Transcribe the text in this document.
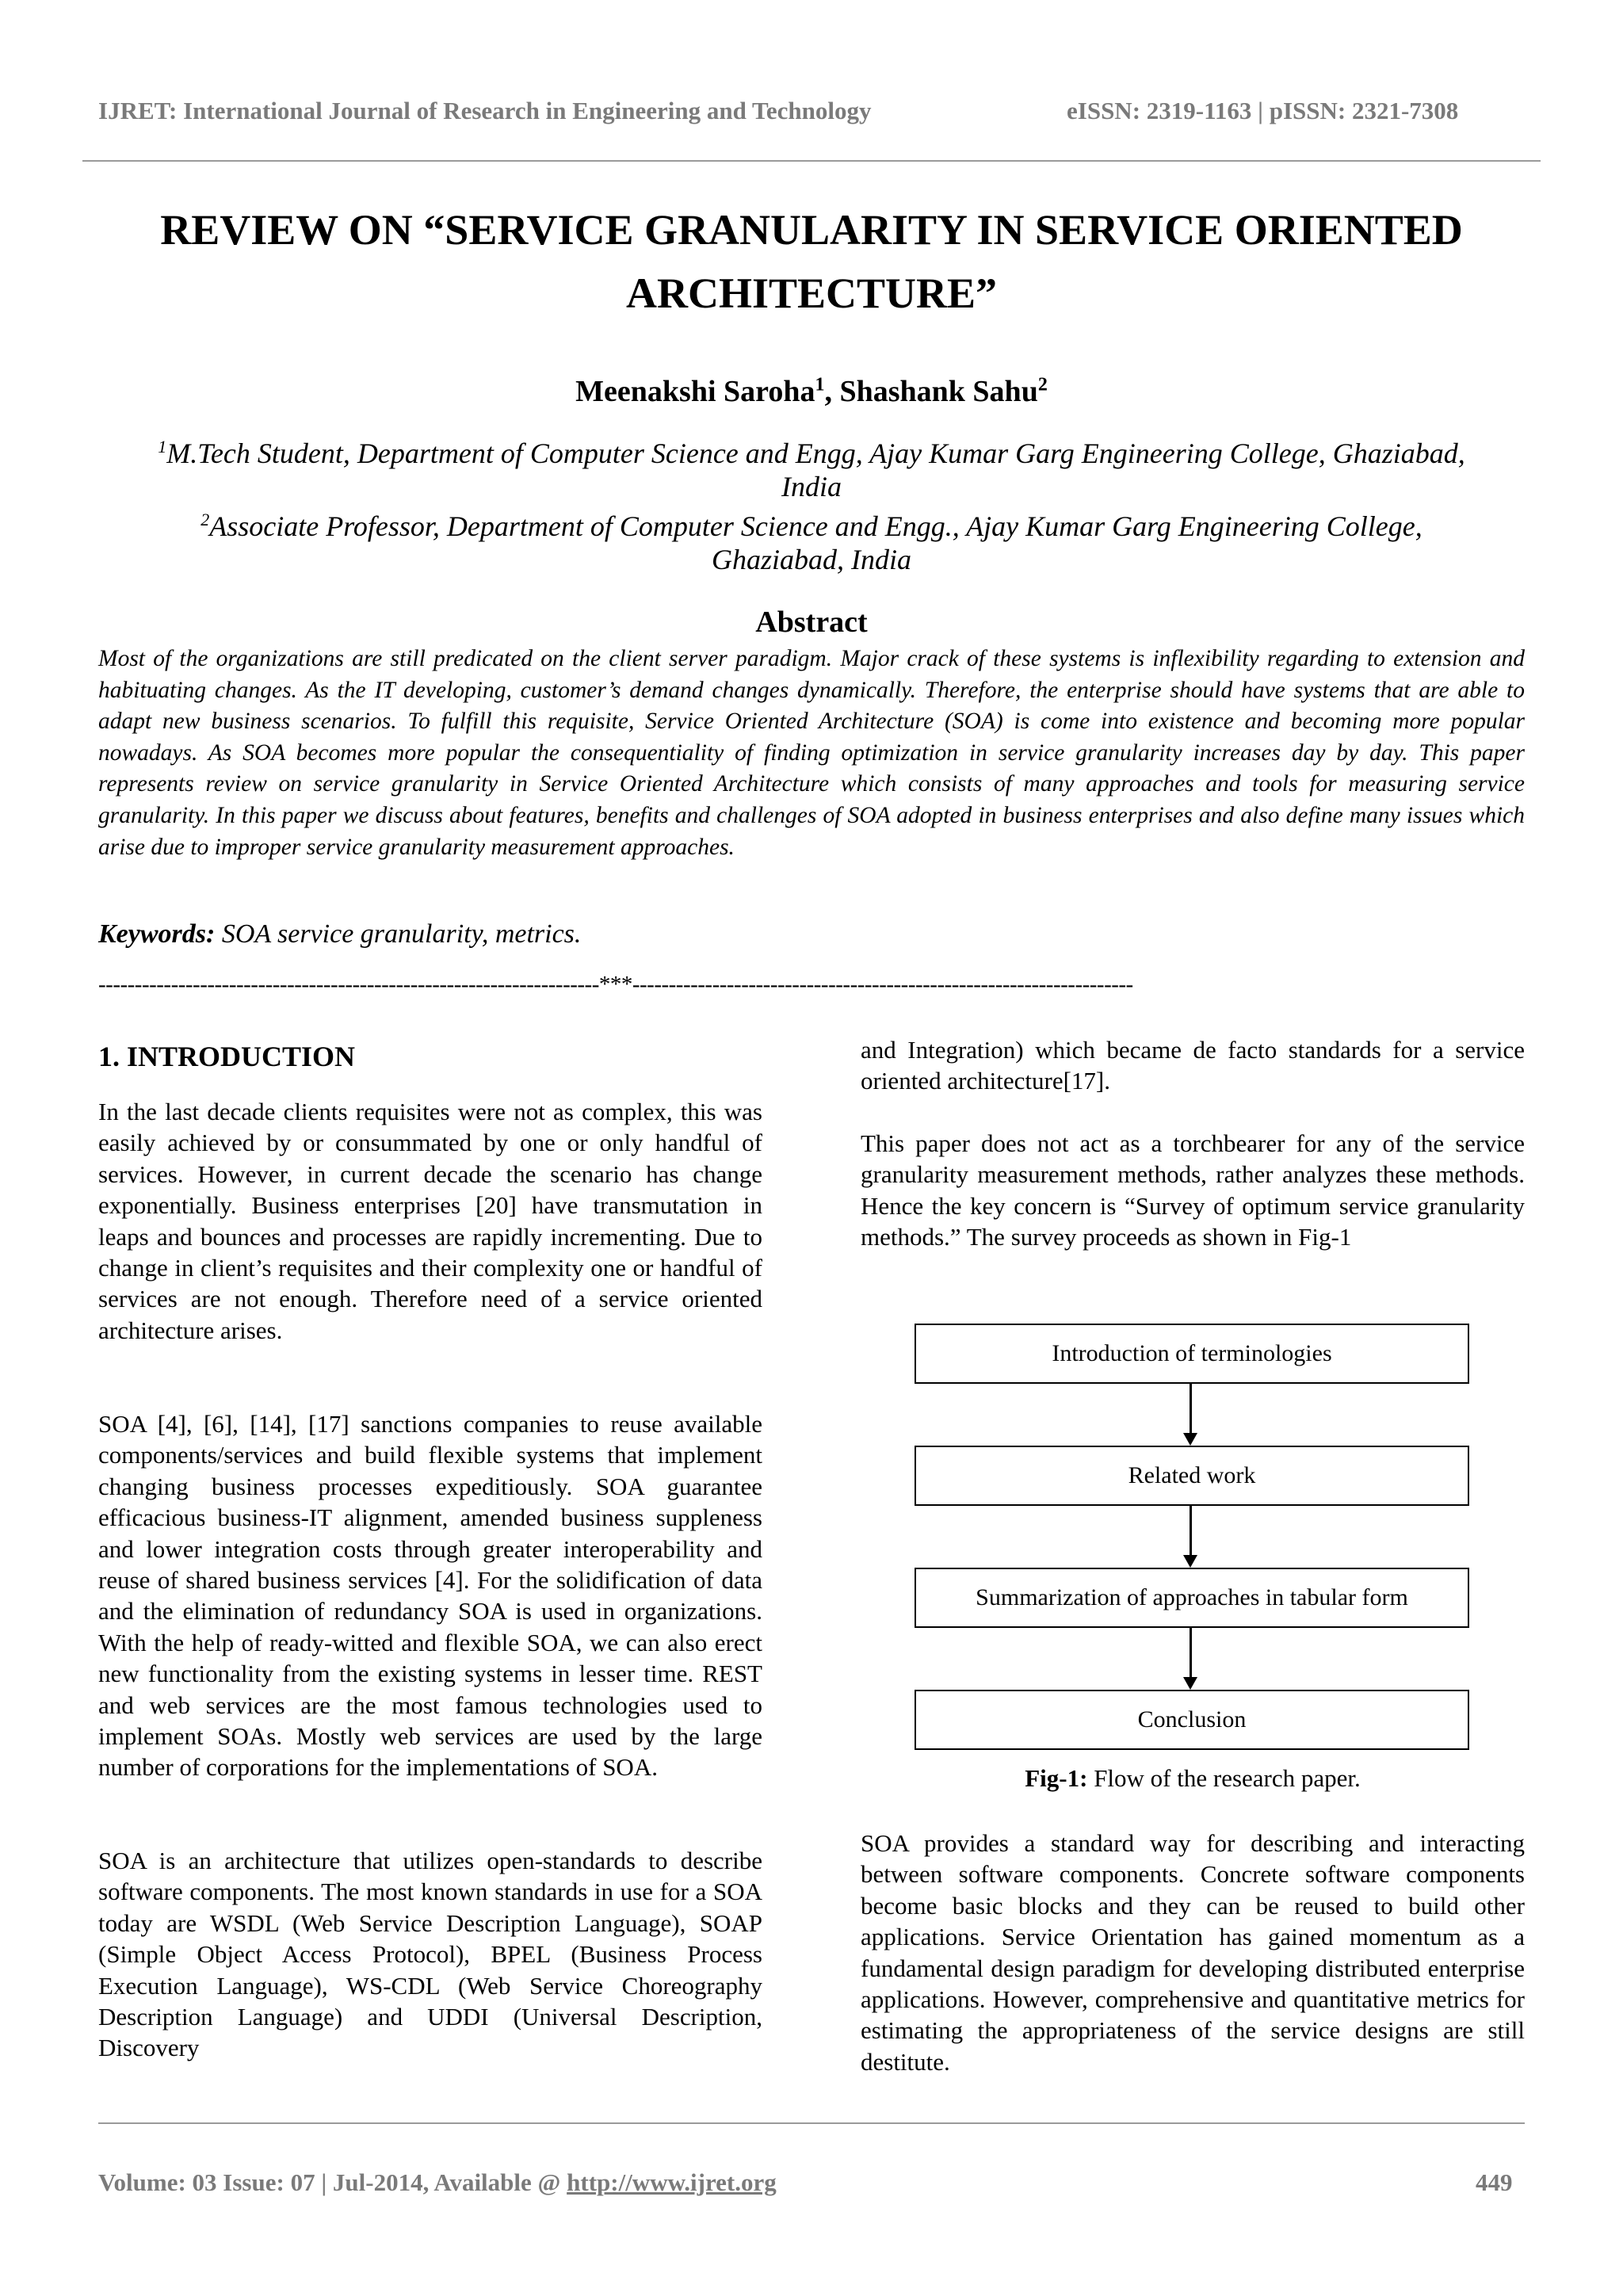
IJRET: International Journal of Research in Engineering and Technology	eISSN: 2319-1163 | pISSN: 2321-7308
REVIEW ON “SERVICE GRANULARITY IN SERVICE ORIENTED
ARCHITECTURE”
Meenakshi Saroha$^1$, Shashank Sahu$^2$
$^1$M.Tech Student, Department of Computer Science and Engg, Ajay Kumar Garg Engineering College, Ghaziabad,
India
$^2$Associate Professor, Department of Computer Science and Engg., Ajay Kumar Garg Engineering College,
Ghaziabad, India
Abstract

Most of the organizations are still predicated on the client server paradigm. Major crack of these systems is inflexibility regarding to extension and habituating changes. As the IT developing, customer’s demand changes dynamically. Therefore, the enterprise should have systems that are able to adapt new business scenarios. To fulfill this requisite, Service Oriented Architecture (SOA) is come into existence and becoming more popular nowadays. As SOA becomes more popular the consequentiality of finding optimization in service granularity increases day by day. This paper represents review on service granularity in Service Oriented Architecture which consists of many approaches and tools for measuring service granularity. In this paper we discuss about features, benefits and challenges of SOA adopted in business enterprises and also define many issues which arise due to improper service granularity measurement approaches.

Keywords: SOA service granularity, metrics.
---------------------------------------------------------------------***---------------------------------------------------------------------
1. INTRODUCTION

In the last decade clients requisites were not as complex, this was easily achieved by or consummated by one or only handful of services. However, in current decade the scenario has change exponentially. Business enterprises [20] have transmutation in leaps and bounces and processes are rapidly incrementing. Due to change in client’s requisites and their complexity one or handful of services are not enough. Therefore need of a service oriented architecture arises.

SOA [4], [6], [14], [17] sanctions companies to reuse available components/services and build flexible systems that implement changing business processes expeditiously. SOA guarantee efficacious business-IT alignment, amended business suppleness and lower integration costs through greater interoperability and reuse of shared business services [4]. For the solidification of data and the elimination of redundancy SOA is used in organizations. With the help of ready-witted and flexible SOA, we can also erect new functionality from the existing systems in lesser time. REST and web services are the most famous technologies used to implement SOAs. Mostly web services are used by the large number of corporations for the implementations of SOA.

SOA is an architecture that utilizes open-standards to describe software components. The most known standards in use for a SOA today are WSDL (Web Service Description Language), SOAP (Simple Object Access Protocol), BPEL (Business Process Execution Language), WS-CDL (Web Service Choreography Description Language) and UDDI (Universal Description, Discovery

and Integration) which became de facto standards for a service oriented architecture[17].

This paper does not act as a torchbearer for any of the service granularity measurement methods, rather analyzes these methods. Hence the key concern is “Survey of optimum service granularity methods.” The survey proceeds as shown in Fig-1

Introduction of terminologies
Related work
Summarization of approaches in tabular form
Conclusion
Fig-1: Flow of the research paper.

SOA provides a standard way for describing and interacting between software components. Concrete software components become basic blocks and they can be reused to build other applications. Service Orientation has gained momentum as a fundamental design paradigm for developing distributed enterprise applications. However, comprehensive and quantitative metrics for estimating the appropriateness of the service designs are still destitute.

Volume: 03 Issue: 07 | Jul-2014, Available @ http://www.ijret.org	449
